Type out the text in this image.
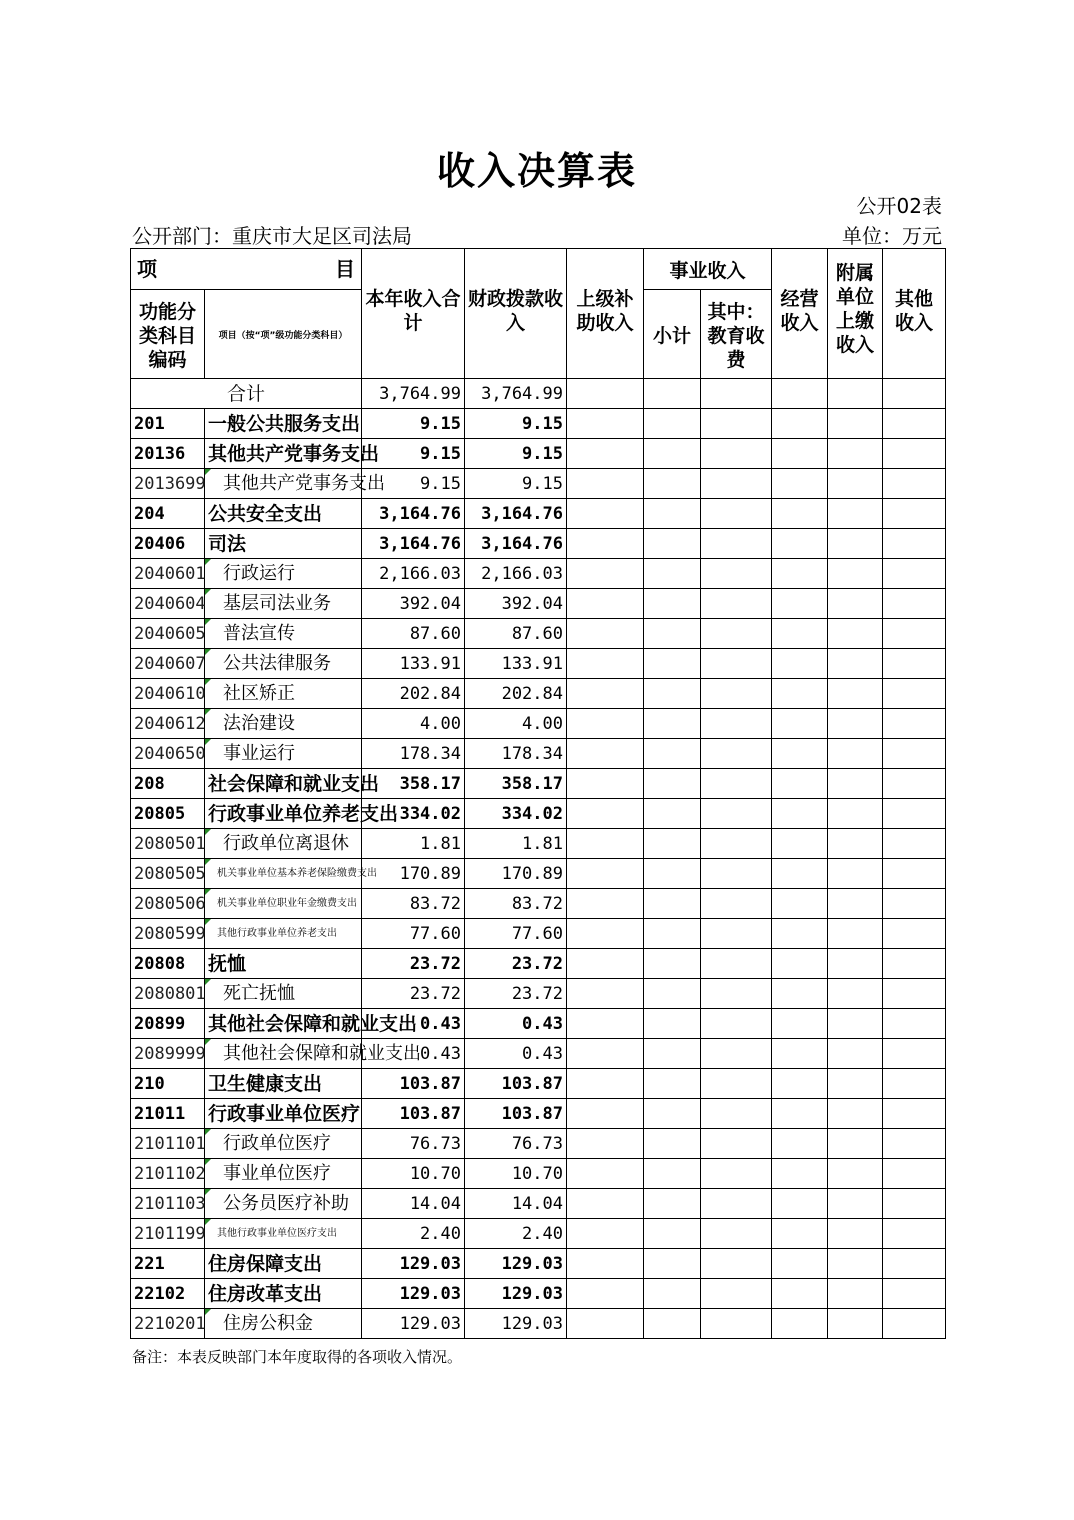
收入决算表
公开02表
公开部门：重庆市大足区司法局	单位：万元
项 目		本年收入合计	财政拨款收入	上级补助收入	事业收入		经营收入	附属单位上缴收入	其他收入
功能分类科目编码	项目（按“项”级功能分类科目）				小计	其中：教育收费			
合计		3,764.99	3,764.99						
201	一般公共服务支出	9.15	9.15						
20136	其他共产党事务支出	9.15	9.15						
2013699	其他共产党事务支出	9.15	9.15						
204	公共安全支出	3,164.76	3,164.76						
20406	司法	3,164.76	3,164.76						
2040601	行政运行	2,166.03	2,166.03						
2040604	基层司法业务	392.04	392.04						
2040605	普法宣传	87.60	87.60						
2040607	公共法律服务	133.91	133.91						
2040610	社区矫正	202.84	202.84						
2040612	法治建设	4.00	4.00						
2040650	事业运行	178.34	178.34						
208	社会保障和就业支出	358.17	358.17						
20805	行政事业单位养老支出	334.02	334.02						
2080501	行政单位离退休	1.81	1.81						
2080505	机关事业单位基本养老保险缴费支出	170.89	170.89						
2080506	机关事业单位职业年金缴费支出	83.72	83.72						
2080599	其他行政事业单位养老支出	77.60	77.60						
20808	抚恤	23.72	23.72						
2080801	死亡抚恤	23.72	23.72						
20899	其他社会保障和就业支出	0.43	0.43						
2089999	其他社会保障和就业支出	0.43	0.43						
210	卫生健康支出	103.87	103.87						
21011	行政事业单位医疗	103.87	103.87						
2101101	行政单位医疗	76.73	76.73						
2101102	事业单位医疗	10.70	10.70						
2101103	公务员医疗补助	14.04	14.04						
2101199	其他行政事业单位医疗支出	2.40	2.40						
221	住房保障支出	129.03	129.03						
22102	住房改革支出	129.03	129.03						
2210201	住房公积金	129.03	129.03						
备注：本表反映部门本年度取得的各项收入情况。
